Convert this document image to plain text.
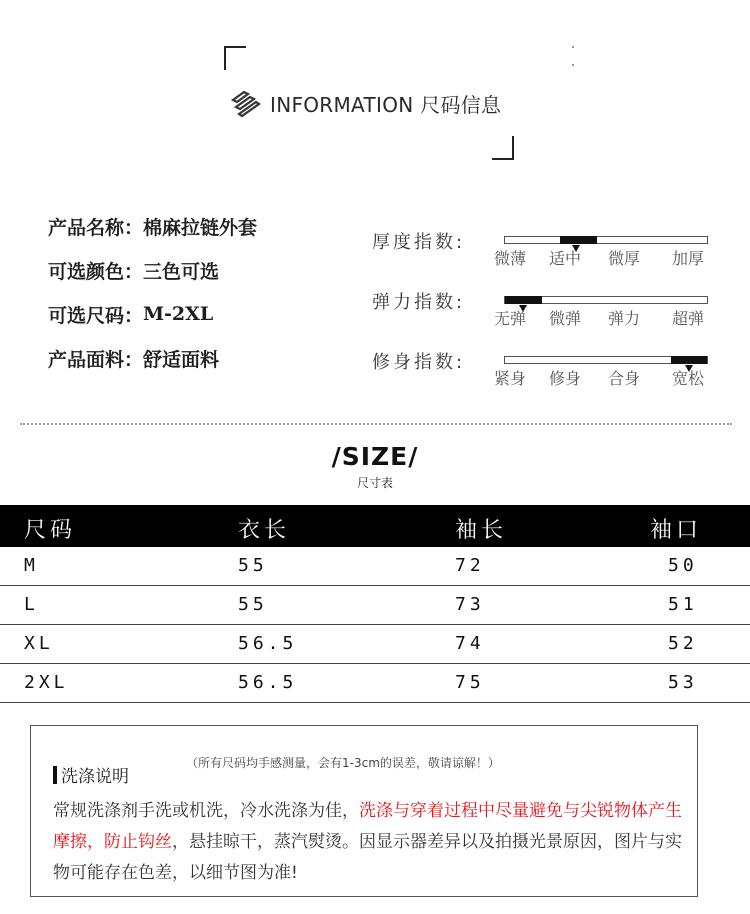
INFORMATION 尺码信息
产品名称： 棉麻拉链外套
可选颜色： 三色可选
可选尺码： M-2XL
产品面料： 舒适面料
厚度指数:
微薄 适中 微厚 加厚
弹力指数:
无弹 微弹 弹力 超弹
修身指数:
紧身 修身 合身 宽松
/SIZE/
尺寸表
尺码	衣长	袖长	袖口
M	55	72	50
L	55	73	51
XL	56.5	74	52
2XL	56.5	75	53
洗涤说明
（所有尺码均手感测量，会有1-3cm的误差，敬请谅解！）
常规洗涤剂手洗或机洗，冷水洗涤为佳，洗涤与穿着过程中尽量避免与尖锐物体产生摩擦，防止钩丝，悬挂晾干，蒸汽熨烫。因显示器差异以及拍摄光景原因，图片与实物可能存在色差，以细节图为准!
